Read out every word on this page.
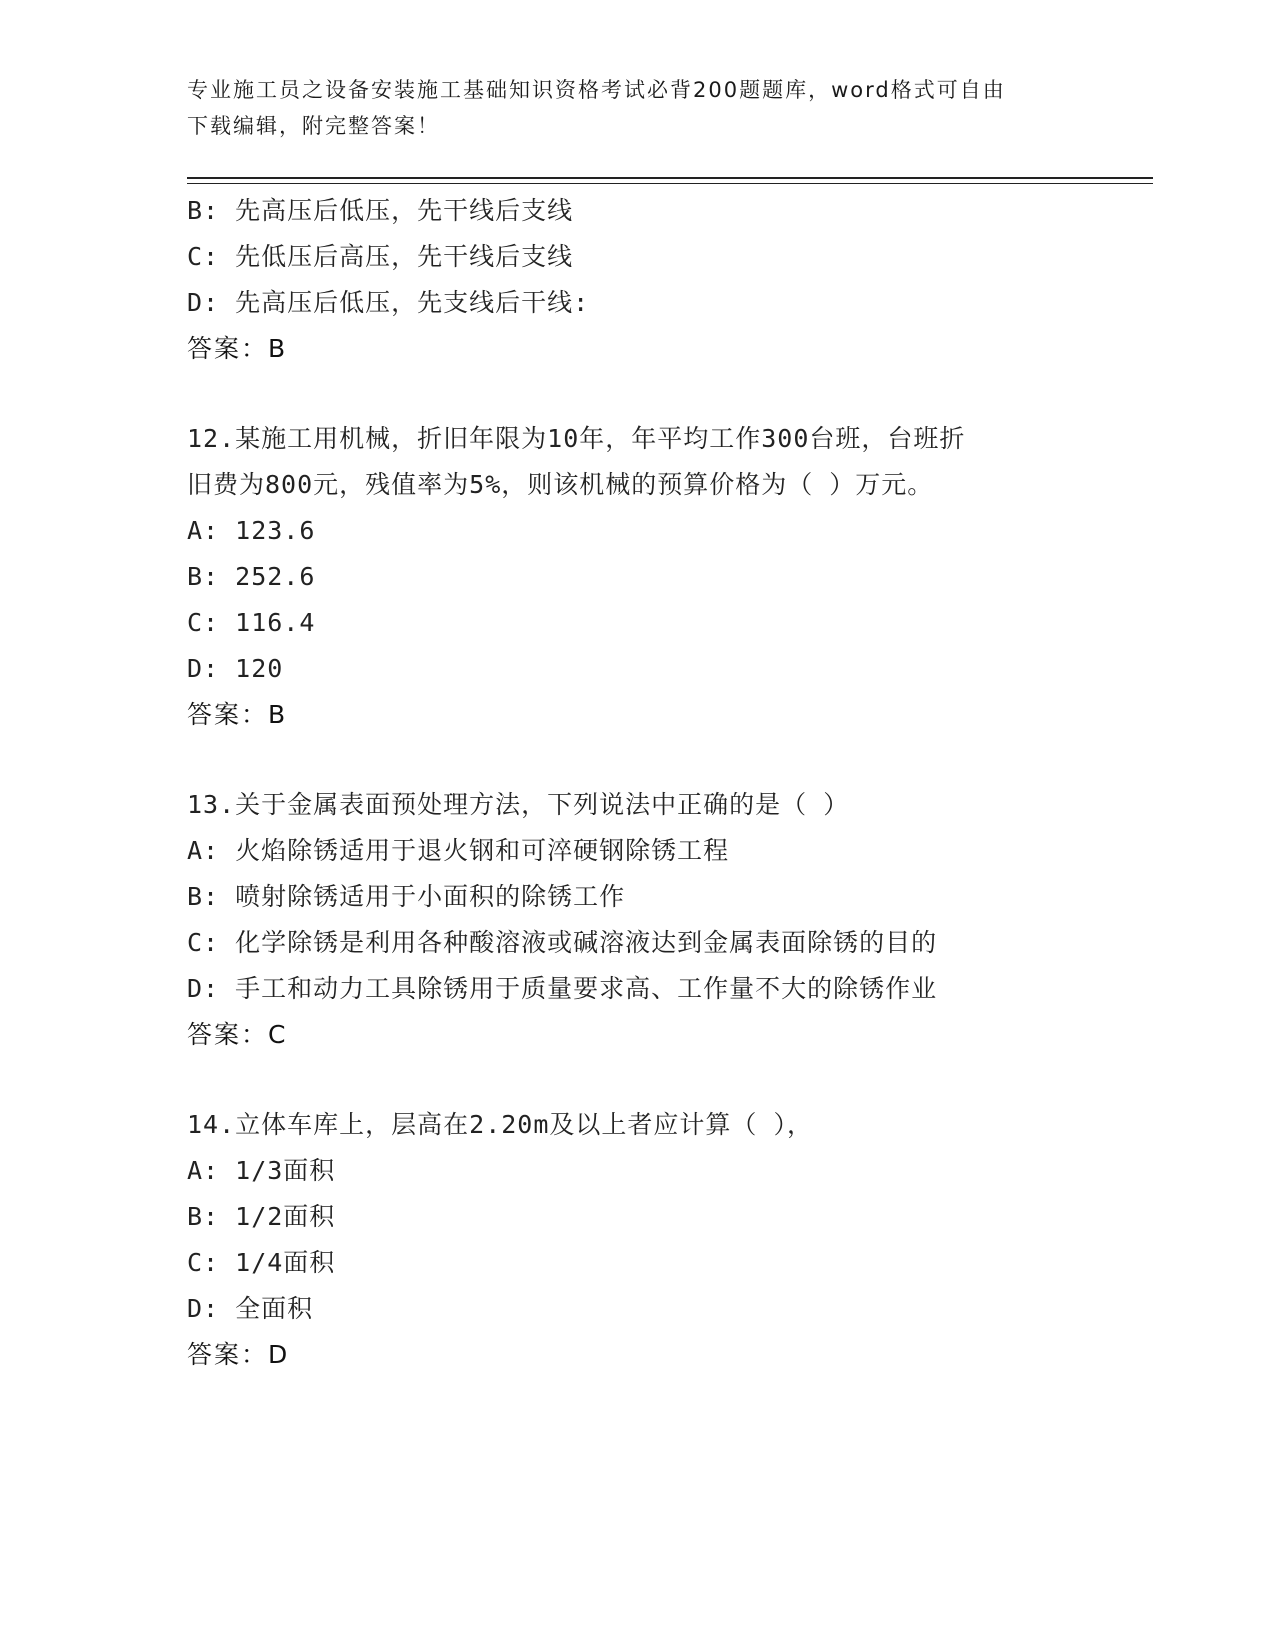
专业施工员之设备安装施工基础知识资格考试必背200题题库，word格式可自由
下载编辑，附完整答案！
B: 先高压后低压，先干线后支线
C: 先低压后高压，先干线后支线
D: 先高压后低压，先支线后干线:
答案：B
12.某施工用机械，折旧年限为10年，年平均工作300台班，台班折
旧费为800元，残值率为5%，则该机械的预算价格为（ ）万元。
A: 123.6
B: 252.6
C: 116.4
D: 120
答案：B
13.关于金属表面预处理方法，下列说法中正确的是（ ）
A: 火焰除锈适用于退火钢和可淬硬钢除锈工程
B: 喷射除锈适用于小面积的除锈工作
C: 化学除锈是利用各种酸溶液或碱溶液达到金属表面除锈的目的
D: 手工和动力工具除锈用于质量要求高、工作量不大的除锈作业
答案：C
14.立体车库上，层高在2.20m及以上者应计算（ ），
A: 1/3面积
B: 1/2面积
C: 1/4面积
D: 全面积
答案：D
